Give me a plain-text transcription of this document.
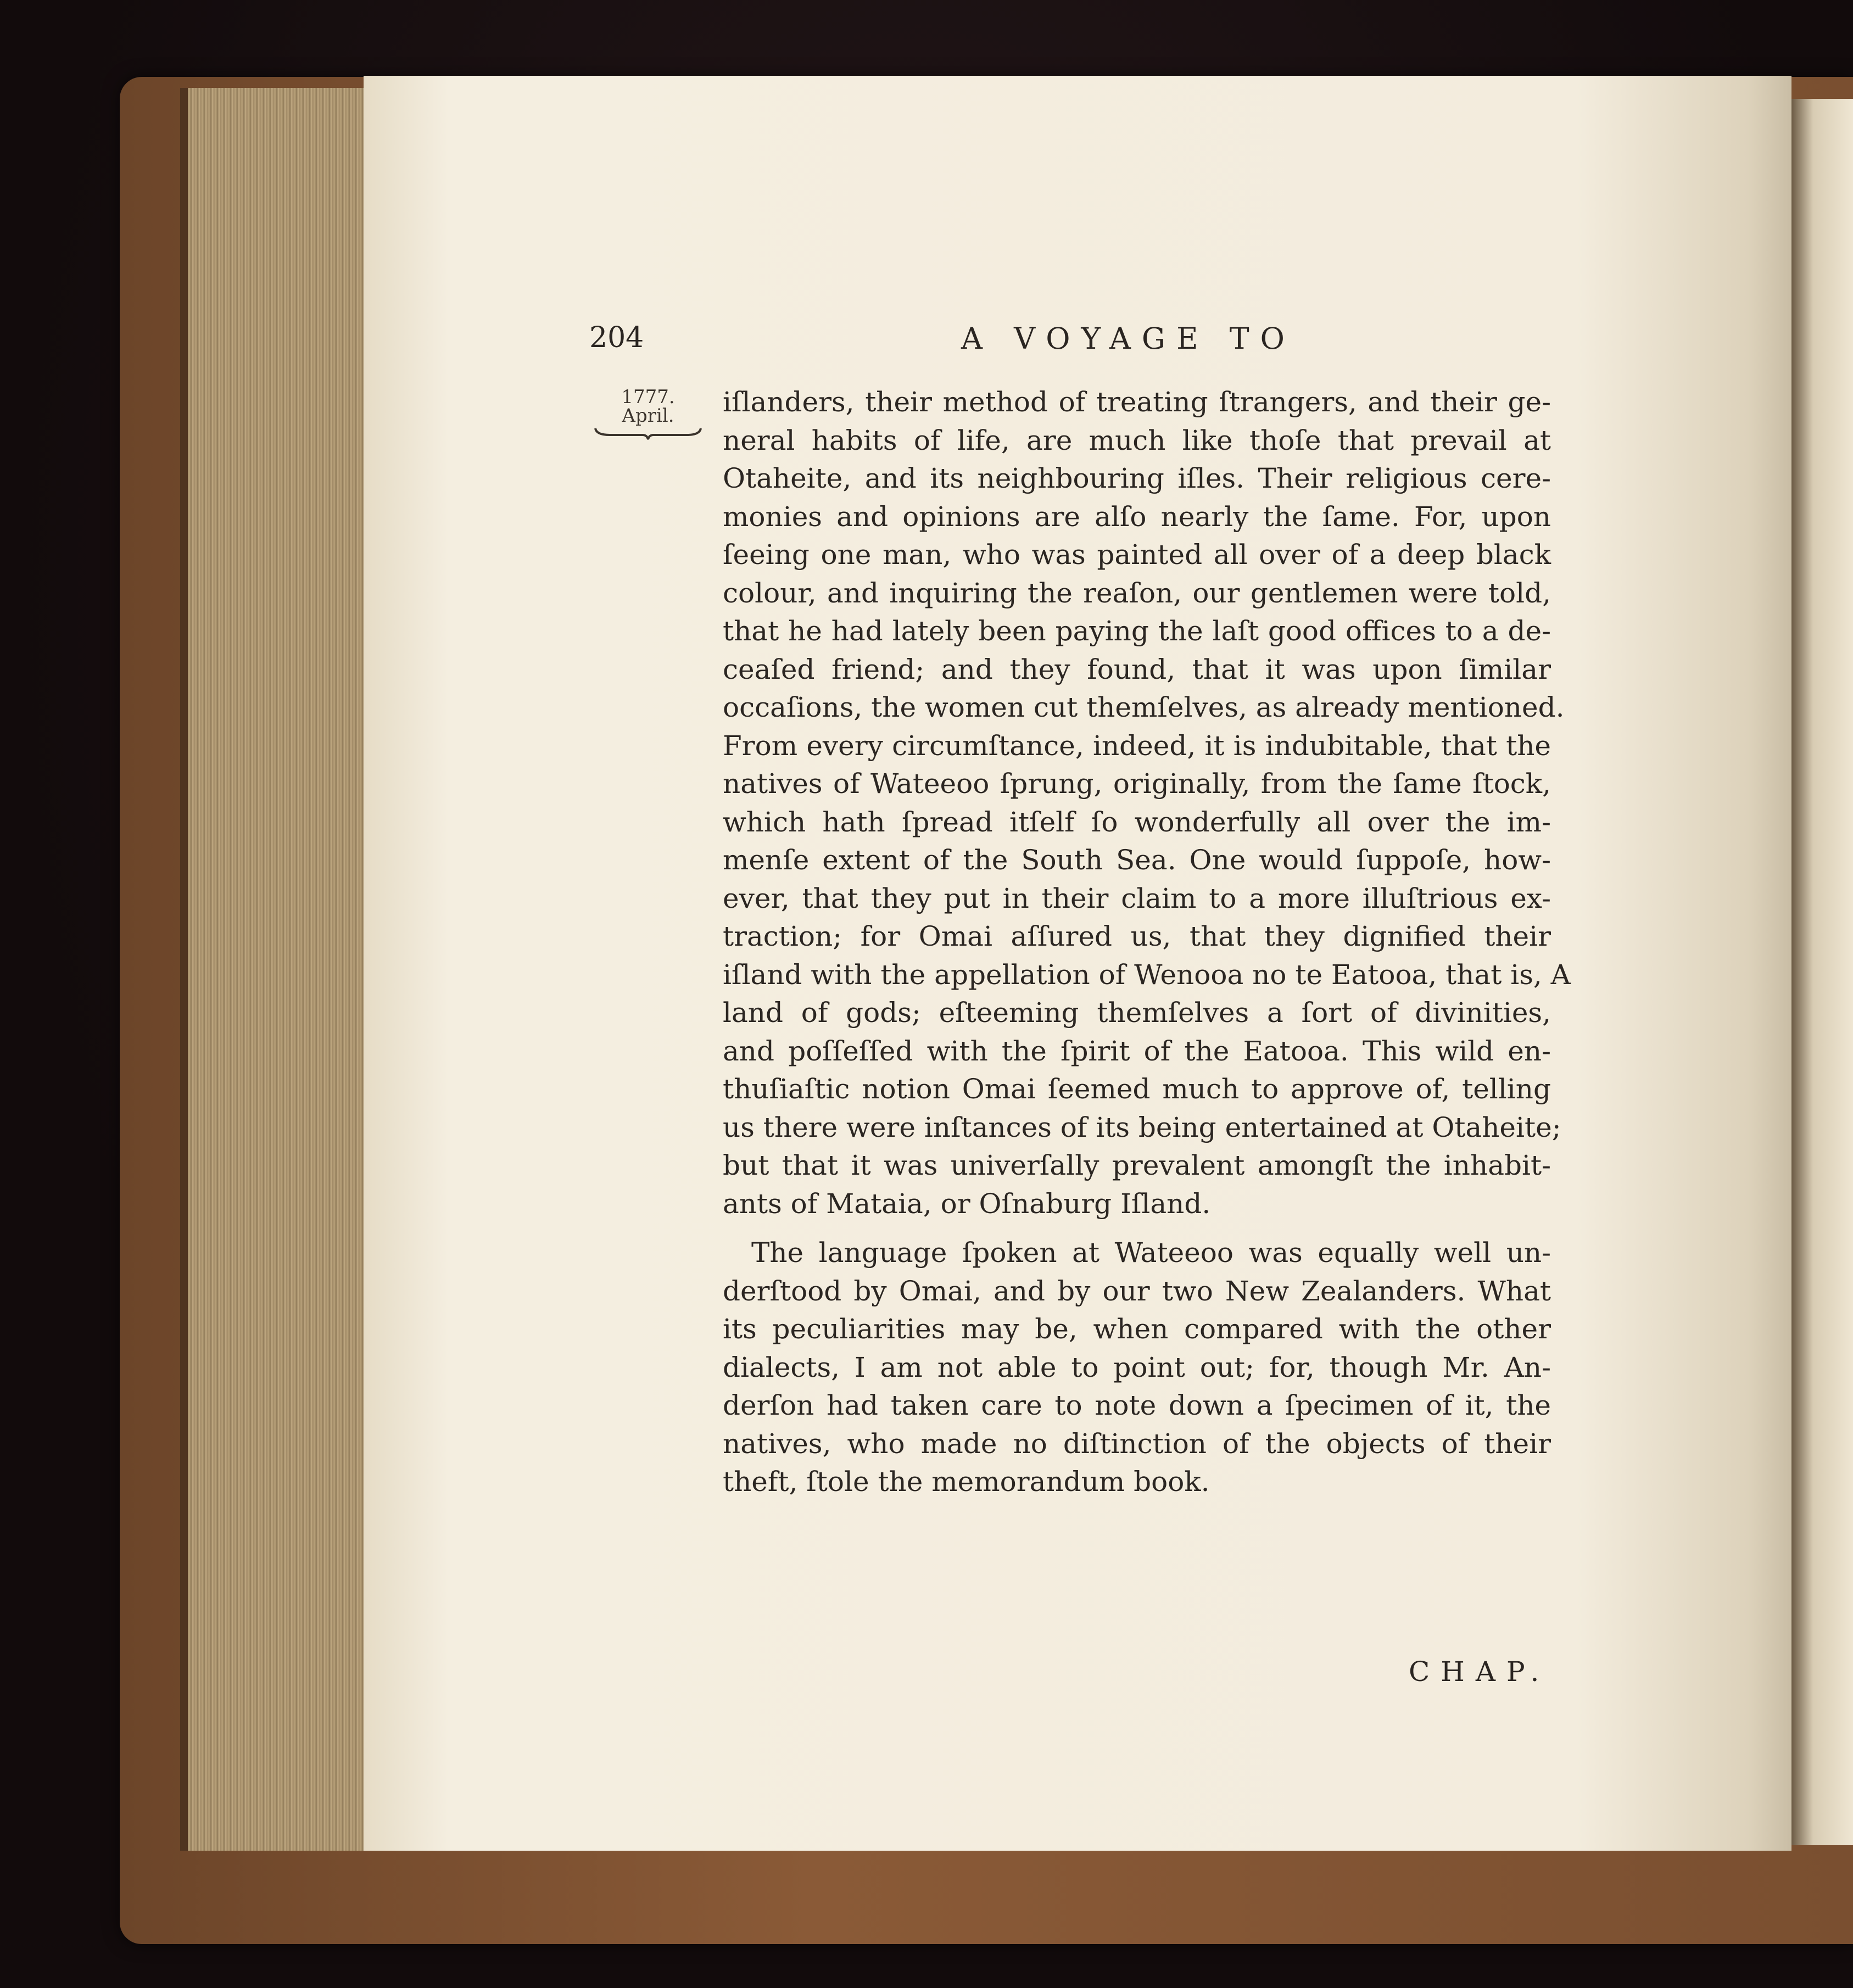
204	A VOYAGE TO
1777.
April.	iſlanders, their method of treating ſtrangers, and their ge-
neral habits of life, are much like thoſe that prevail at
Otaheite, and its neighbouring iſles. Their religious cere-
monies and opinions are alſo nearly the ſame. For, upon
ſeeing one man, who was painted all over of a deep black
colour, and inquiring the reaſon, our gentlemen were told,
that he had lately been paying the laſt good offices to a de-
ceaſed friend; and they found, that it was upon ſimilar
occaſions, the women cut themſelves, as already mentioned.
From every circumſtance, indeed, it is indubitable, that the
natives of Wateeoo ſprung, originally, from the ſame ſtock,
which hath ſpread itſelf ſo wonderfully all over the im-
menſe extent of the South Sea. One would ſuppoſe, how-
ever, that they put in their claim to a more illuſtrious ex-
traction; for Omai aſſured us, that they dignified their
iſland with the appellation of Wenooa no te Eatooa, that is, A
land of gods; eſteeming themſelves a ſort of divinities,
and poſſeſſed with the ſpirit of the Eatooa. This wild en-
thuſiaſtic notion Omai ſeemed much to approve of, telling
us there were inſtances of its being entertained at Otaheite;
but that it was univerſally prevalent amongſt the inhabit-
ants of Mataia, or Oſnaburg Iſland.
The language ſpoken at Wateeoo was equally well un-
derſtood by Omai, and by our two New Zealanders. What
its peculiarities may be, when compared with the other
dialects, I am not able to point out; for, though Mr. An-
derſon had taken care to note down a ſpecimen of it, the
natives, who made no diſtinction of the objects of their
theft, ſtole the memorandum book.
CHAP.
